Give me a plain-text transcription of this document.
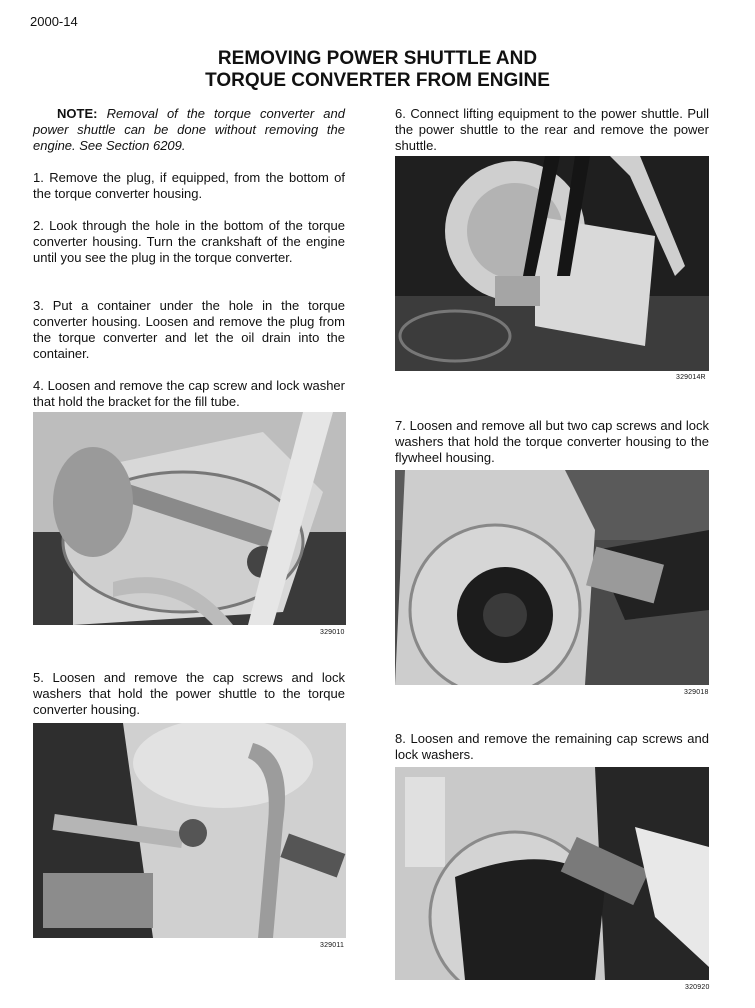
2000-14
REMOVING POWER SHUTTLE AND
TORQUE CONVERTER FROM ENGINE

NOTE: Removal of the torque converter and power shuttle can be done without removing the engine. See Section 6209.

1. Remove the plug, if equipped, from the bottom of the torque converter housing.

2. Look through the hole in the bottom of the torque converter housing. Turn the crankshaft of the engine until you see the plug in the torque converter.

3. Put a container under the hole in the torque converter housing. Loosen and remove the plug from the torque converter and let the oil drain into the container.

4. Loosen and remove the cap screw and lock washer that hold the bracket for the fill tube.

329010

5. Loosen and remove the cap screws and lock washers that hold the power shuttle to the torque converter housing.

329011

6. Connect lifting equipment to the power shuttle. Pull the power shuttle to the rear and remove the power shuttle.

329014R

7. Loosen and remove all but two cap screws and lock washers that hold the torque converter housing to the flywheel housing.

329018

8. Loosen and remove the remaining cap screws and lock washers.

320920
